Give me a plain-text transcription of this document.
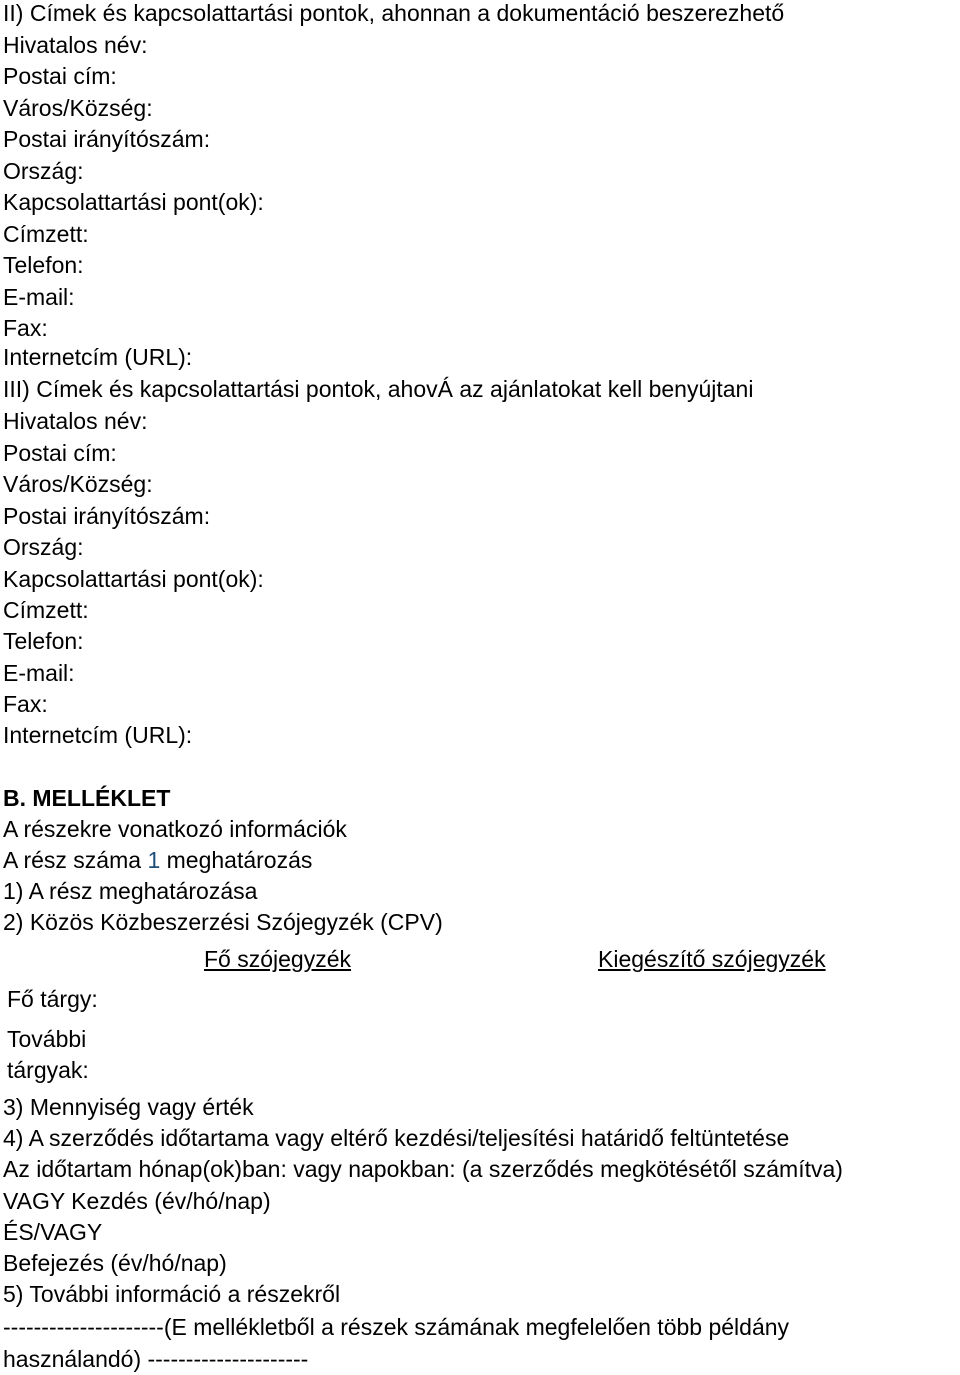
II) Címek és kapcsolattartási pontok, ahonnan a dokumentáció beszerezhető
Hivatalos név:
Postai cím:
Város/Község:
Postai irányítószám:
Ország:
Kapcsolattartási pont(ok):
Címzett:
Telefon:
E-mail:
Fax:
Internetcím (URL):
III) Címek és kapcsolattartási pontok, ahovÁ az ajánlatokat kell benyújtani
Hivatalos név:
Postai cím:
Város/Község:
Postai irányítószám:
Ország:
Kapcsolattartási pont(ok):
Címzett:
Telefon:
E-mail:
Fax:
Internetcím (URL):
B. MELLÉKLET
A részekre vonatkozó információk
A rész száma 1 meghatározás
1) A rész meghatározása
2) Közös Közbeszerzési Szójegyzék (CPV)
Fő szójegyzék	Kiegészítő szójegyzék
Fő tárgy:
További
tárgyak:
3) Mennyiség vagy érték
4) A szerződés időtartama vagy eltérő kezdési/teljesítési határidő feltüntetése
Az időtartam hónap(ok)ban: vagy napokban: (a szerződés megkötésétől számítva)
VAGY Kezdés (év/hó/nap)
ÉS/VAGY
Befejezés (év/hó/nap)
5) További információ a részekről
---------------------(E mellékletből a részek számának megfelelően több példány
használandó) ---------------------
